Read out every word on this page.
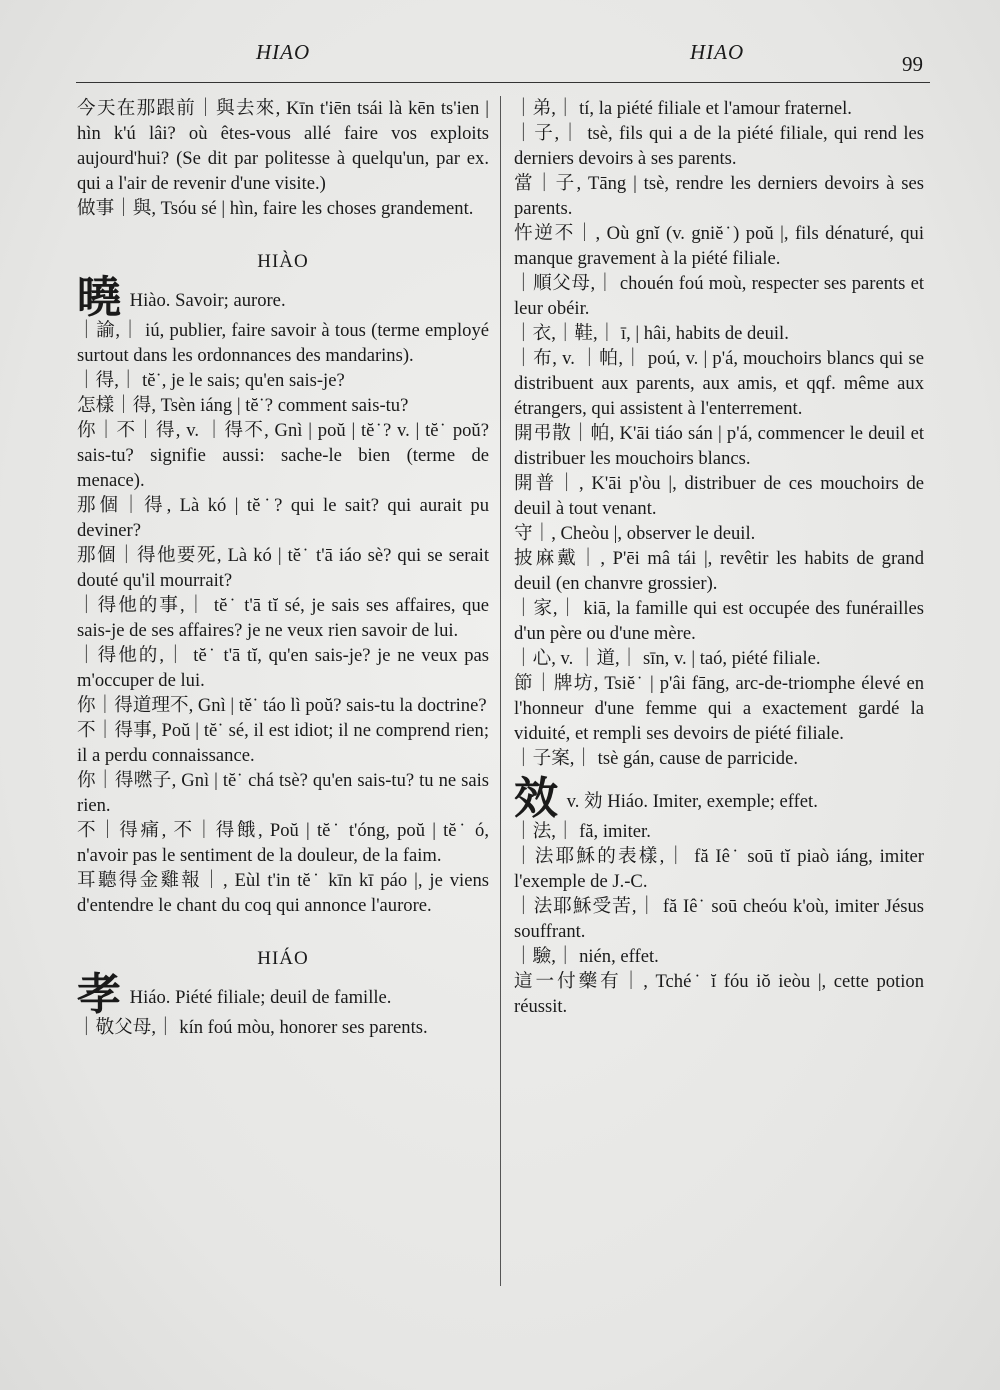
HIAO	HIAO	99

今天在那跟前｜與去來, Kīn t'iēn tsái là kēn ts'ien | hìn k'ú lâi? où êtes-vous allé faire vos exploits aujourd'hui? (Se dit par politesse à quelqu'un, par ex. qui a l'air de revenir d'une visite.)

做事｜與, Tsóu sé | hìn, faire les choses grandement.

HIÀO

曉 Hiào. Savoir; aurore.

｜諭,｜ iú, publier, faire savoir à tous (terme employé surtout dans les ordonnances des mandarins).

｜得,｜ tĕ˙, je le sais; qu'en sais-je?

怎樣｜得, Tsèn iáng | tĕ˙? comment sais-tu?

你｜不｜得, v. ｜得不, Gnì | poŭ | tĕ˙? v. | tĕ˙ poŭ? sais-tu? signifie aussi: sache-le bien (terme de menace).

那個｜得, Là kó | tĕ˙? qui le sait? qui aurait pu deviner?

那個｜得他要死, Là kó | tĕ˙ t'ā iáo sè? qui se serait douté qu'il mourrait?

｜得他的事,｜ tĕ˙ t'ā tĭ sé, je sais ses affaires, que sais-je de ses affaires? je ne veux rien savoir de lui.

｜得他的,｜ tĕ˙ t'ā tĭ, qu'en sais-je? je ne veux pas m'occuper de lui.

你｜得道理不, Gnì | tĕ˙ táo lì poŭ? sais-tu la doctrine?

不｜得事, Poŭ | tĕ˙ sé, il est idiot; il ne comprend rien; il a perdu connaissance.

你｜得嘫子, Gnì | tĕ˙ chá tsè? qu'en sais-tu? tu ne sais rien.

不｜得痛, 不｜得餓, Poŭ | tĕ˙ t'óng, poŭ | tĕ˙ ó, n'avoir pas le sentiment de la douleur, de la faim.

耳聽得金雞報｜, Eùl t'in tĕ˙ kīn kī páo |, je viens d'entendre le chant du coq qui annonce l'aurore.

HIÁO

孝 Hiáo. Piété filiale; deuil de famille.

｜敬父母,｜ kín foú mòu, honorer ses parents.

｜弟,｜ tí, la piété filiale et l'amour fraternel.

｜子,｜ tsè, fils qui a de la piété filiale, qui rend les derniers devoirs à ses parents.

當｜子, Tāng | tsè, rendre les derniers devoirs à ses parents.

忤逆不｜, Où gnĭ (v. gniĕ˙) poŭ |, fils dénaturé, qui manque gravement à la piété filiale.

｜順父母,｜ chouén foú moù, respecter ses parents et leur obéir.

｜衣,｜鞋,｜ ī, | hâi, habits de deuil.

｜布, v. ｜帕,｜ poú, v. | p'á, mouchoirs blancs qui se distribuent aux parents, aux amis, et qqf. même aux étrangers, qui assistent à l'enterrement.

開弔散｜帕, K'āi tiáo sán | p'á, commencer le deuil et distribuer les mouchoirs blancs.

開普｜, K'āi p'òu |, distribuer de ces mouchoirs de deuil à tout venant.

守｜, Cheòu |, observer le deuil.

披麻戴｜, P'ēi mâ tái |, revêtir les habits de grand deuil (en chanvre grossier).

｜家,｜ kiā, la famille qui est occupée des funérailles d'un père ou d'une mère.

｜心, v. ｜道,｜ sīn, v. | taó, piété filiale.

節｜牌坊, Tsiĕ˙ | p'âi fāng, arc-de-triomphe élevé en l'honneur d'une femme qui a exactement gardé la viduité, et rempli ses devoirs de piété filiale.

｜子案,｜ tsè gán, cause de parricide.

效 v. 効 Hiáo. Imiter, exemple; effet.

｜法,｜ fă, imiter.

｜法耶穌的表樣,｜ fă Iê˙ soū tĭ piaò iáng, imiter l'exemple de J.-C.

｜法耶穌受苦,｜ fă Iê˙ soū cheóu k'où, imiter Jésus souffrant.

｜驗,｜ nién, effet.

這一付藥有｜, Tché˙ ĭ fóu iŏ ieòu |, cette potion réussit.
